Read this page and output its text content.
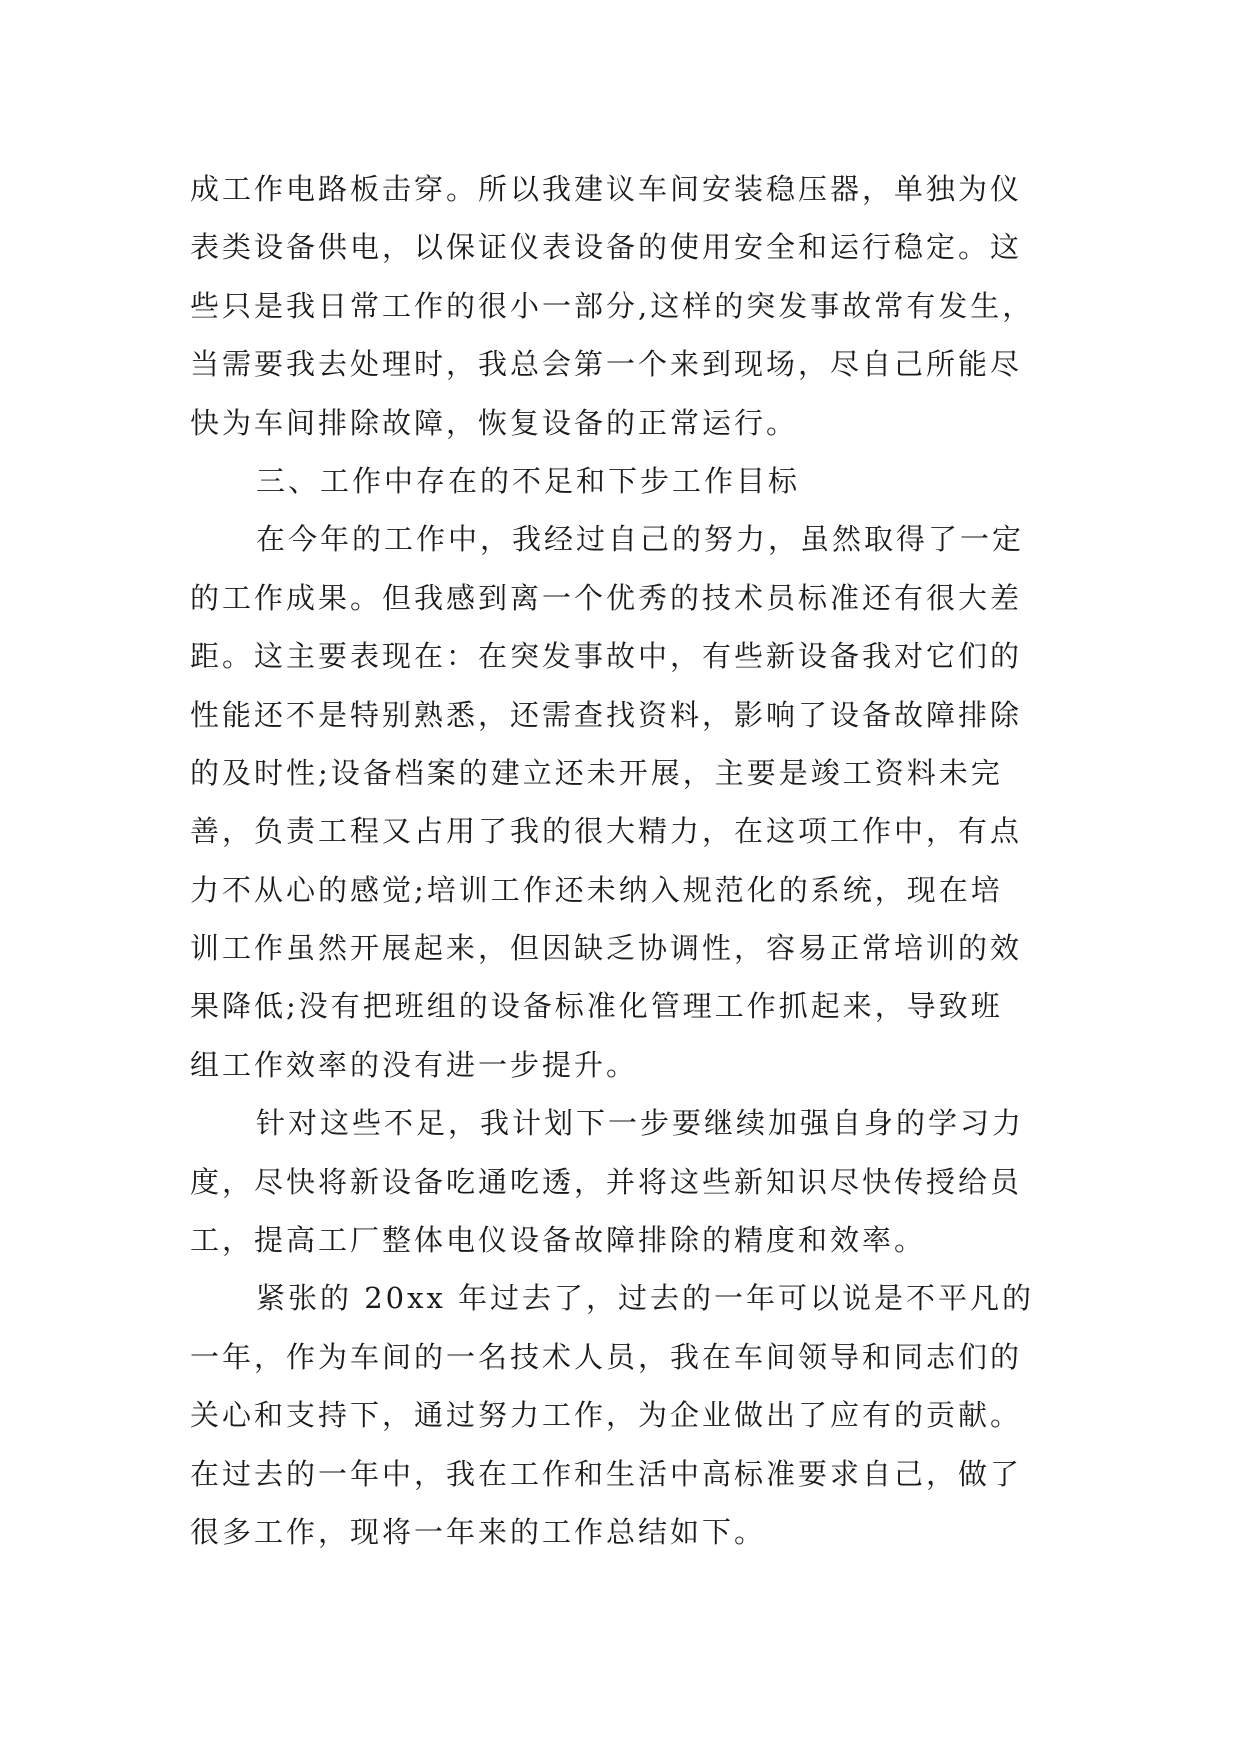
成工作电路板击穿。所以我建议车间安装稳压器，单独为仪
表类设备供电，以保证仪表设备的使用安全和运行稳定。这
些只是我日常工作的很小一部分,这样的突发事故常有发生，
当需要我去处理时，我总会第一个来到现场，尽自己所能尽
快为车间排除故障，恢复设备的正常运行。
三、工作中存在的不足和下步工作目标
在今年的工作中，我经过自己的努力，虽然取得了一定
的工作成果。但我感到离一个优秀的技术员标准还有很大差
距。这主要表现在：在突发事故中，有些新设备我对它们的
性能还不是特别熟悉，还需查找资料，影响了设备故障排除
的及时性;设备档案的建立还未开展，主要是竣工资料未完
善，负责工程又占用了我的很大精力，在这项工作中，有点
力不从心的感觉;培训工作还未纳入规范化的系统，现在培
训工作虽然开展起来，但因缺乏协调性，容易正常培训的效
果降低;没有把班组的设备标准化管理工作抓起来，导致班
组工作效率的没有进一步提升。
针对这些不足，我计划下一步要继续加强自身的学习力
度，尽快将新设备吃通吃透，并将这些新知识尽快传授给员
工，提高工厂整体电仪设备故障排除的精度和效率。
紧张的 20xx 年过去了，过去的一年可以说是不平凡的
一年，作为车间的一名技术人员，我在车间领导和同志们的
关心和支持下，通过努力工作，为企业做出了应有的贡献。
在过去的一年中，我在工作和生活中高标准要求自己，做了
很多工作，现将一年来的工作总结如下。
